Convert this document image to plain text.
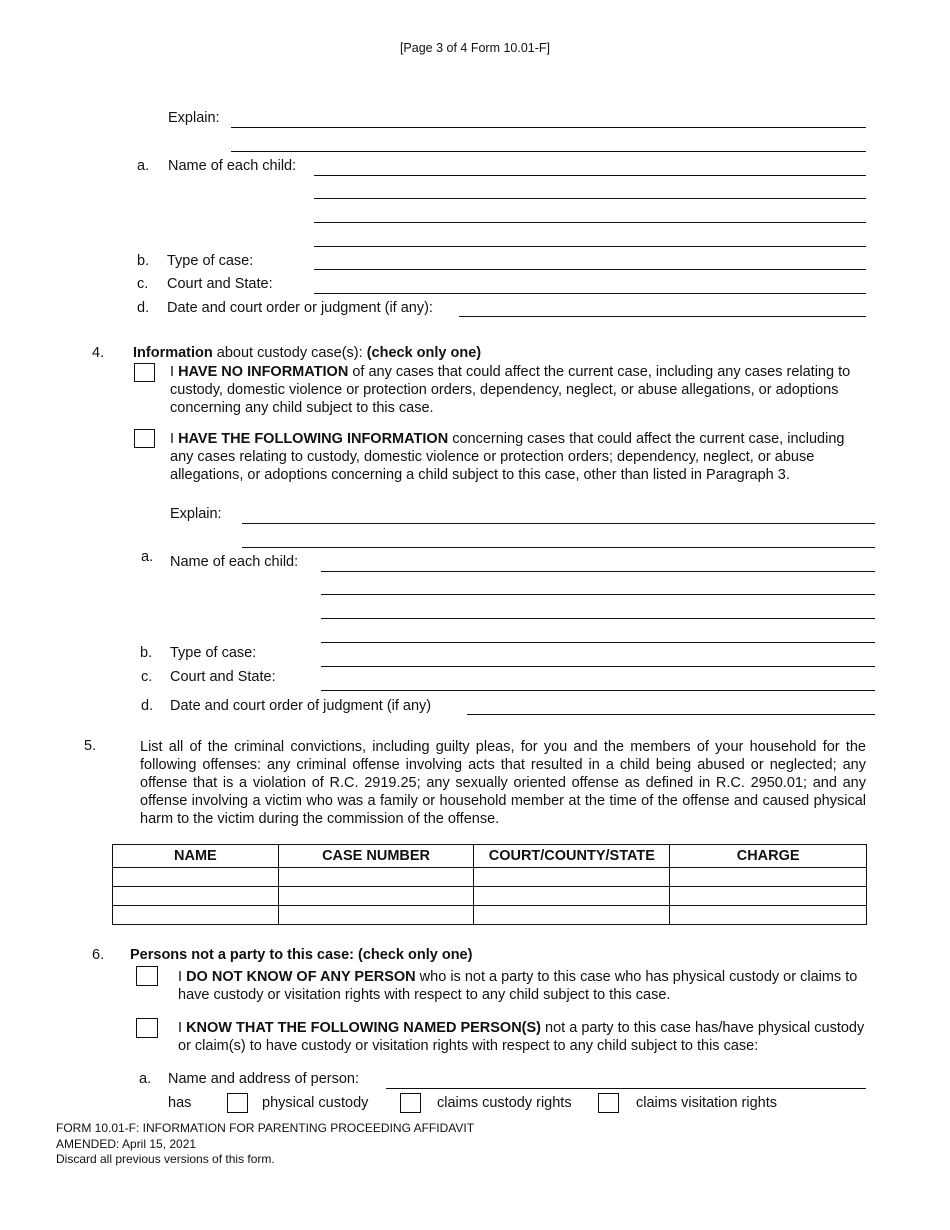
[Page 3 of 4 Form 10.01-F]
Explain:
a. Name of each child:
b. Type of case:
c. Court and State:
d. Date and court order or judgment (if any):
4. Information about custody case(s): (check only one)
I HAVE NO INFORMATION of any cases that could affect the current case, including any cases relating to custody, domestic violence or protection orders, dependency, neglect, or abuse allegations, or adoptions concerning any child subject to this case.
I HAVE THE FOLLOWING INFORMATION concerning cases that could affect the current case, including any cases relating to custody, domestic violence or protection orders; dependency, neglect, or abuse allegations, or adoptions concerning a child subject to this case, other than listed in Paragraph 3.
Explain:
a. Name of each child:
b. Type of case:
c. Court and State:
d. Date and court order of judgment (if any)
5.	List all of the criminal convictions, including guilty pleas, for you and the members of your household for the following offenses: any criminal offense involving acts that resulted in a child being abused or neglected; any offense that is a violation of R.C. 2919.25; any sexually oriented offense as defined in R.C. 2950.01; and any offense involving a victim who was a family or household member at the time of the offense and caused physical harm to the victim during the commission of the offense.
NAME	CASE NUMBER	COURT/COUNTY/STATE	CHARGE

6. Persons not a party to this case: (check only one)
I DO NOT KNOW OF ANY PERSON who is not a party to this case who has physical custody or claims to have custody or visitation rights with respect to any child subject to this case.
I KNOW THAT THE FOLLOWING NAMED PERSON(S) not a party to this case has/have physical custody or claim(s) to have custody or visitation rights with respect to any child subject to this case:
a. Name and address of person:
has	physical custody	claims custody rights	claims visitation rights
FORM 10.01-F: INFORMATION FOR PARENTING PROCEEDING AFFIDAVIT
AMENDED: April 15, 2021
Discard all previous versions of this form.
